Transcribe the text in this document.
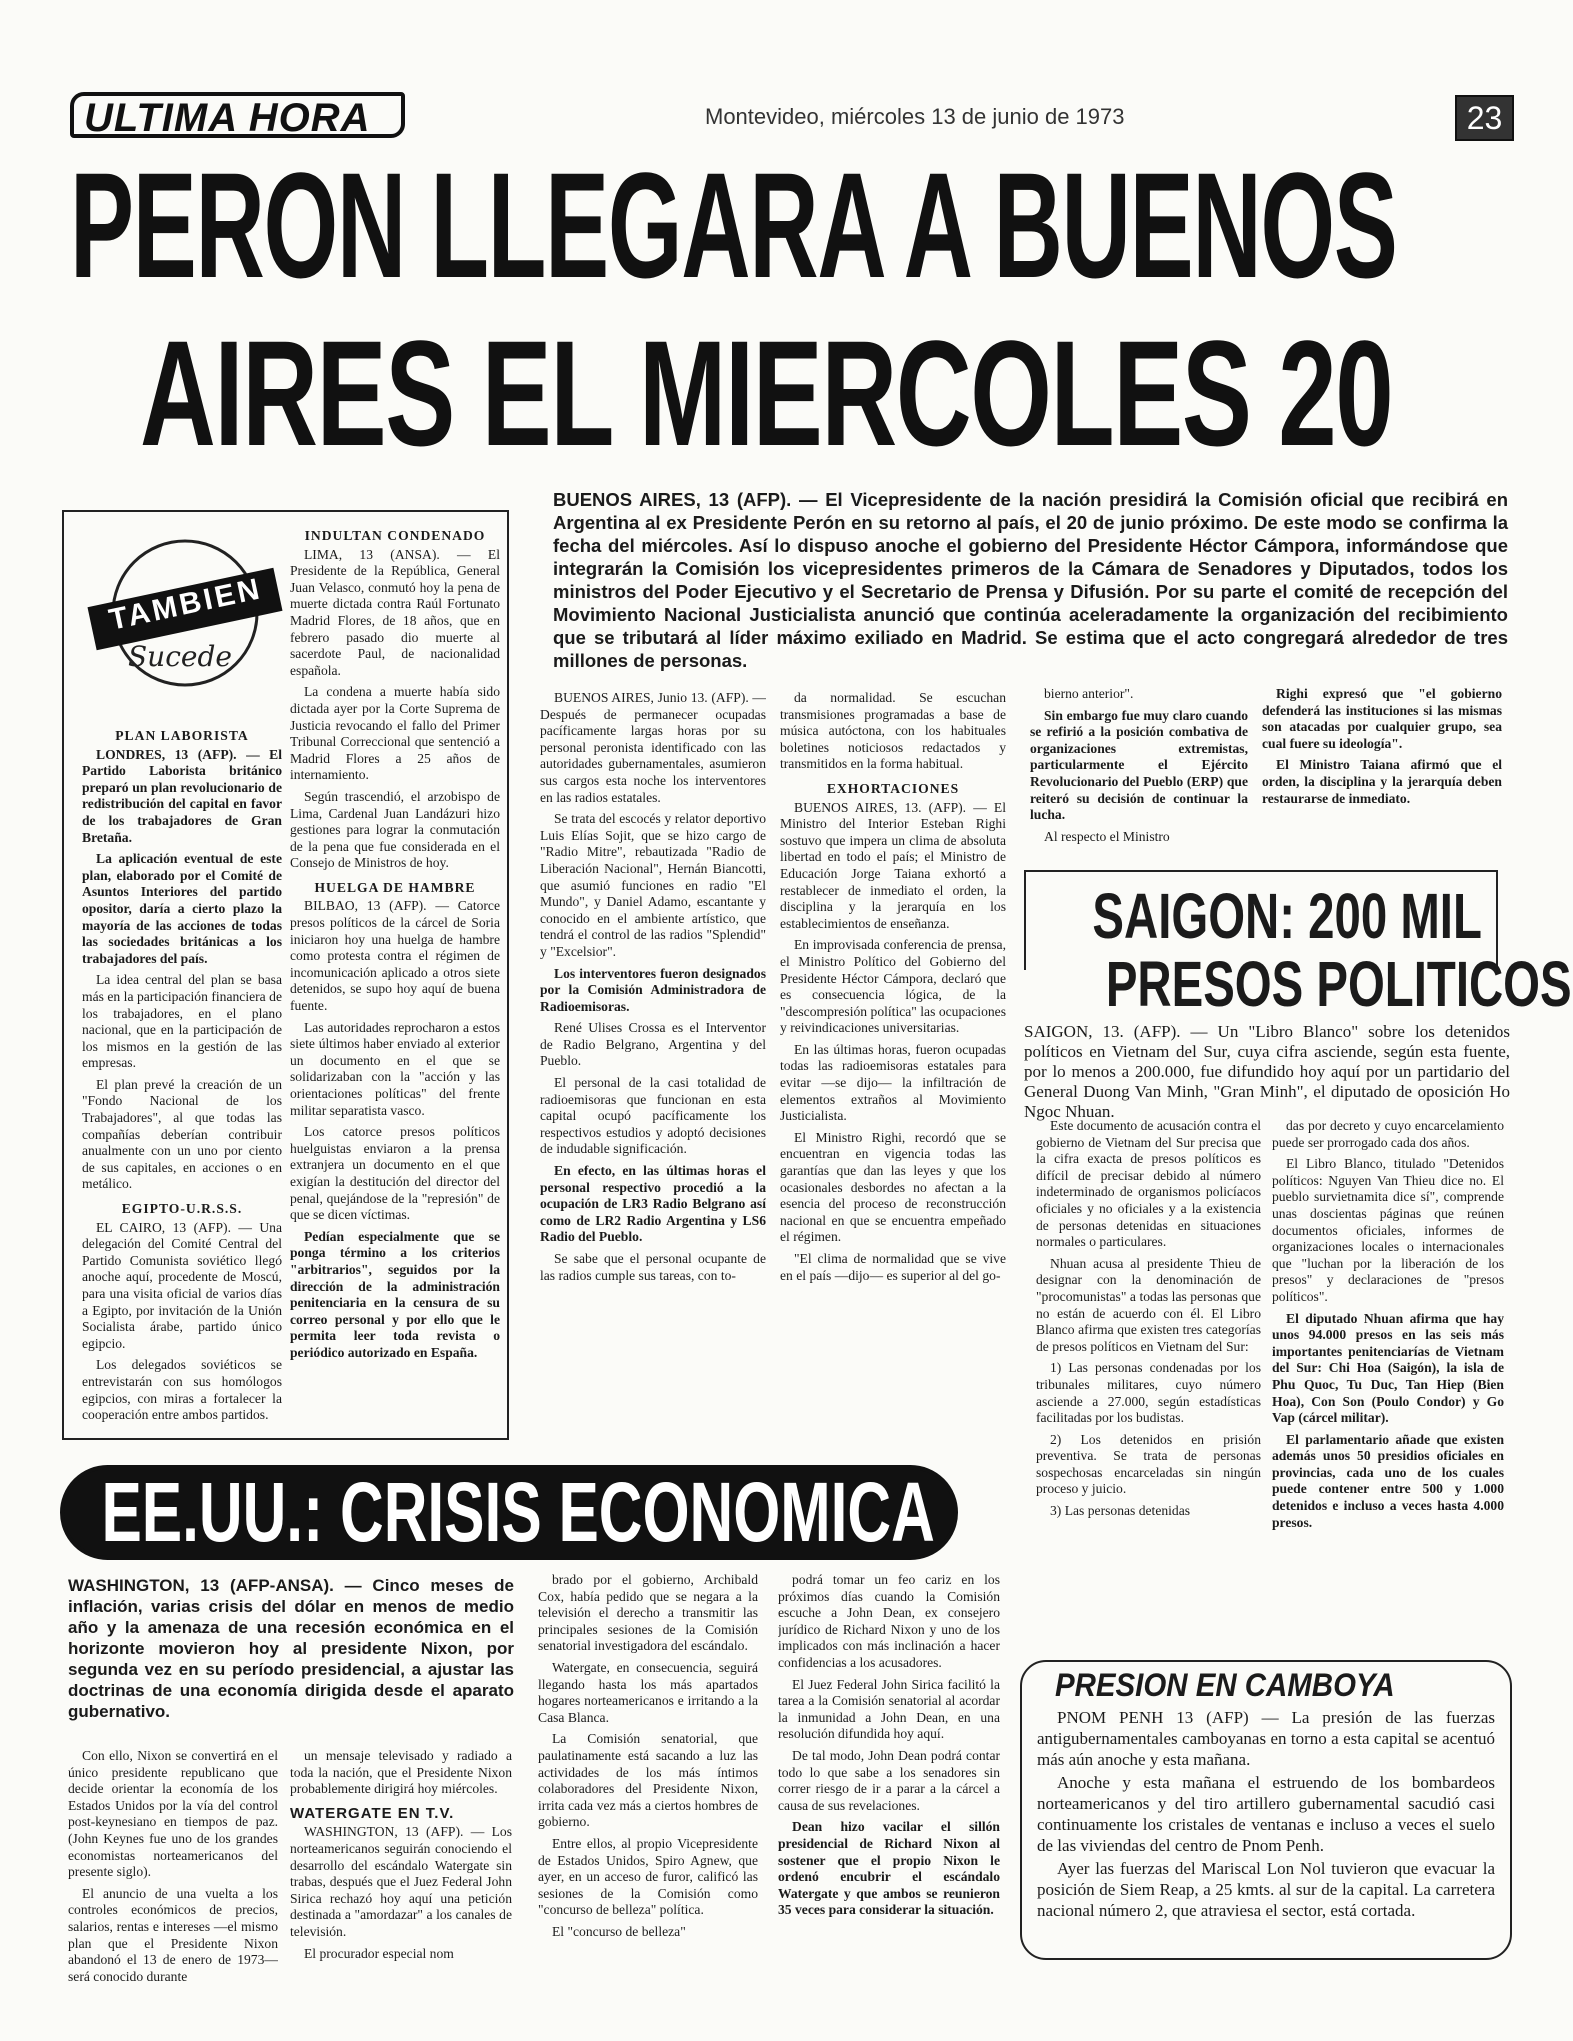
ULTIMA HORA	Montevideo, miércoles 13 de junio de 1973	23
PERON LLEGARA A BUENOS
AIRES EL MIERCOLES 20
BUENOS AIRES, 13 (AFP). — El Vicepresidente de la nación presidirá la Comisión oficial que recibirá en Argentina al ex Presidente Perón en su retorno al país, el 20 de junio próximo. De este modo se confirma la fecha del miércoles. Así lo dispuso anoche el gobierno del Presidente Héctor Cámpora, informándose que integrarán la Comisión los vicepresidentes primeros de la Cámara de Senadores y Diputados, todos los ministros del Poder Ejecutivo y el Secretario de Prensa y Difusión. Por su parte el comité de recepción del Movimiento Nacional Justicialista anunció que continúa aceleradamente la organización del recibimiento que se tributará al líder máximo exiliado en Madrid. Se estima que el acto congregará alrededor de tres millones de personas.
TAMBIEN
Sucede

PLAN LABORISTA

LONDRES, 13 (AFP). — El Partido Laborista británico preparó un plan revolucionario de redistribución del capital en favor de los trabajadores de Gran Bretaña.

La aplicación eventual de este plan, elaborado por el Comité de Asuntos Interiores del partido opositor, daría a cierto plazo la mayoría de las acciones de todas las sociedades británicas a los trabajadores del país.

La idea central del plan se basa más en la participación financiera de los trabajadores, en el plano nacional, que en la participación de los mismos en la gestión de las empresas.

El plan prevé la creación de un "Fondo Nacional de los Trabajadores", al que todas las compañías deberían contribuir anualmente con un uno por ciento de sus capitales, en acciones o en metálico.

EGIPTO-U.R.S.S.

EL CAIRO, 13 (AFP). — Una delegación del Comité Central del Partido Comunista soviético llegó anoche aquí, procedente de Moscú, para una visita oficial de varios días a Egipto, por invitación de la Unión Socialista árabe, partido único egipcio.

Los delegados soviéticos se entrevistarán con sus homólogos egipcios, con miras a fortalecer la cooperación entre ambos partidos.

INDULTAN CONDENADO

LIMA, 13 (ANSA). — El Presidente de la República, General Juan Velasco, conmutó hoy la pena de muerte dictada contra Raúl Fortunato Madrid Flores, de 18 años, que en febrero pasado dio muerte al sacerdote Paul, de nacionalidad española.

La condena a muerte había sido dictada ayer por la Corte Suprema de Justicia revocando el fallo del Primer Tribunal Correccional que sentenció a Madrid Flores a 25 años de internamiento.

Según trascendió, el arzobispo de Lima, Cardenal Juan Landázuri hizo gestiones para lograr la conmutación de la pena que fue considerada en el Consejo de Ministros de hoy.

HUELGA DE HAMBRE

BILBAO, 13 (AFP). — Catorce presos políticos de la cárcel de Soria iniciaron hoy una huelga de hambre como protesta contra el régimen de incomunicación aplicado a otros siete detenidos, se supo hoy aquí de buena fuente.

Las autoridades reprocharon a estos siete últimos haber enviado al exterior un documento en el que se solidarizaban con la "acción y las orientaciones políticas" del frente militar separatista vasco.

Los catorce presos políticos huelguistas enviaron a la prensa extranjera un documento en el que exigían la destitución del director del penal, quejándose de la "represión" de que se dicen víctimas.

Pedían especialmente que se ponga término a los criterios "arbitrarios", seguidos por la dirección de la administración penitenciaria en la censura de su correo personal y por ello que le permita leer toda revista o periódico autorizado en España.

BUENOS AIRES, Junio 13. (AFP). — Después de permanecer ocupadas pacíficamente largas horas por su personal peronista identificado con las autoridades gubernamentales, asumieron sus cargos esta noche los interventores en las radios estatales.

Se trata del escocés y relator deportivo Luis Elías Sojit, que se hizo cargo de "Radio Mitre", rebautizada "Radio de Liberación Nacional", Hernán Biancotti, que asumió funciones en radio "El Mundo", y Daniel Adamo, escantante y conocido en el ambiente artístico, que tendrá el control de las radios "Splendid" y "Excelsior".

Los interventores fueron designados por la Comisión Administradora de Radioemisoras.

René Ulises Crossa es el Interventor de Radio Belgrano, Argentina y del Pueblo.

El personal de la casi totalidad de radioemisoras que funcionan en esta capital ocupó pacíficamente los respectivos estudios y adoptó decisiones de indudable significación.

En efecto, en las últimas horas el personal respectivo procedió a la ocupación de LR3 Radio Belgrano así como de LR2 Radio Argentina y LS6 Radio del Pueblo.

Se sabe que el personal ocupante de las radios cumple sus tareas, con to-

da normalidad. Se escuchan transmisiones programadas a base de música autóctona, con los habituales boletines noticiosos redactados y transmitidos en la forma habitual.

EXHORTACIONES

BUENOS AIRES, 13. (AFP). — El Ministro del Interior Esteban Righi sostuvo que impera un clima de absoluta libertad en todo el país; el Ministro de Educación Jorge Taiana exhortó a restablecer de inmediato el orden, la disciplina y la jerarquía en los establecimientos de enseñanza.

En improvisada conferencia de prensa, el Ministro Político del Gobierno del Presidente Héctor Cámpora, declaró que es consecuencia lógica, de la "descompresión política" las ocupaciones y reivindicaciones universitarias.

En las últimas horas, fueron ocupadas todas las radioemisoras estatales para evitar —se dijo— la infiltración de elementos extraños al Movimiento Justicialista.

El Ministro Righi, recordó que se encuentran en vigencia todas las garantías que dan las leyes y que los ocasionales desbordes no afectan a la esencia del proceso de reconstrucción nacional en que se encuentra empeñado el régimen.

"El clima de normalidad que se vive en el país —dijo— es superior al del go-

bierno anterior".

Sin embargo fue muy claro cuando se refirió a la posición combativa de organizaciones extremistas, particularmente el Ejército Revolucionario del Pueblo (ERP) que reiteró su decisión de continuar la lucha.

Al respecto el Ministro

Righi expresó que "el gobierno defenderá las instituciones si las mismas son atacadas por cualquier grupo, sea cual fuere su ideología".

El Ministro Taiana afirmó que el orden, la disciplina y la jerarquía deben restaurarse de inmediato.

SAIGON: 200 MIL
PRESOS POLITICOS
SAIGON, 13. (AFP). — Un "Libro Blanco" sobre los detenidos políticos en Vietnam del Sur, cuya cifra asciende, según esta fuente, por lo menos a 200.000, fue difundido hoy aquí por un partidario del General Duong Van Minh, "Gran Minh", el diputado de oposición Ho Ngoc Nhuan.

Este documento de acusación contra el gobierno de Vietnam del Sur precisa que la cifra exacta de presos políticos es difícil de precisar debido al número indeterminado de organismos policíacos oficiales y no oficiales y a la existencia de personas detenidas en situaciones normales o particulares.

Nhuan acusa al presidente Thieu de designar con la denominación de "procomunistas" a todas las personas que no están de acuerdo con él. El Libro Blanco afirma que existen tres categorías de presos políticos en Vietnam del Sur:

1) Las personas condenadas por los tribunales militares, cuyo número asciende a 27.000, según estadísticas facilitadas por los budistas.

2) Los detenidos en prisión preventiva. Se trata de personas sospechosas encarceladas sin ningún proceso y juicio.

3) Las personas detenidas

das por decreto y cuyo encarcelamiento puede ser prorrogado cada dos años.

El Libro Blanco, titulado "Detenidos políticos: Nguyen Van Thieu dice no. El pueblo survietnamita dice sí", comprende unas doscientas páginas que reúnen documentos oficiales, informes de organizaciones locales o internacionales que "luchan por la liberación de los presos" y declaraciones de "presos políticos".

El diputado Nhuan afirma que hay unos 94.000 presos en las seis más importantes penitenciarías de Vietnam del Sur: Chi Hoa (Saigón), la isla de Phu Quoc, Tu Duc, Tan Hiep (Bien Hoa), Con Son (Poulo Condor) y Go Vap (cárcel militar).

El parlamentario añade que existen además unos 50 presidios oficiales en provincias, cada uno de los cuales puede contener entre 500 y 1.000 detenidos e incluso a veces hasta 4.000 presos.

EE.UU.: CRISIS ECONOMICA
WASHINGTON, 13 (AFP-ANSA). — Cinco meses de inflación, varias crisis del dólar en menos de medio año y la amenaza de una recesión económica en el horizonte movieron hoy al presidente Nixon, por segunda vez en su período presidencial, a ajustar las doctrinas de una economía dirigida desde el aparato gubernativo.

Con ello, Nixon se convertirá en el único presidente republicano que decide orientar la economía de los Estados Unidos por la vía del control post-keynesiano en tiempos de paz. (John Keynes fue uno de los grandes economistas norteamericanos del presente siglo).

El anuncio de una vuelta a los controles económicos de precios, salarios, rentas e intereses —el mismo plan que el Presidente Nixon abandonó el 13 de enero de 1973— será conocido durante

un mensaje televisado y radiado a toda la nación, que el Presidente Nixon probablemente dirigirá hoy miércoles.

WATERGATE EN T.V.

WASHINGTON, 13 (AFP). — Los norteamericanos seguirán conociendo el desarrollo del escándalo Watergate sin trabas, después que el Juez Federal John Sirica rechazó hoy aquí una petición destinada a "amordazar" a los canales de televisión.

El procurador especial nom

brado por el gobierno, Archibald Cox, había pedido que se negara a la televisión el derecho a transmitir las principales sesiones de la Comisión senatorial investigadora del escándalo.

Watergate, en consecuencia, seguirá llegando hasta los más apartados hogares norteamericanos e irritando a la Casa Blanca.

La Comisión senatorial, que paulatinamente está sacando a luz las actividades de los más íntimos colaboradores del Presidente Nixon, irrita cada vez más a ciertos hombres de gobierno.

Entre ellos, al propio Vicepresidente de Estados Unidos, Spiro Agnew, que ayer, en un acceso de furor, calificó las sesiones de la Comisión como "concurso de belleza" política.

El "concurso de belleza"

podrá tomar un feo cariz en los próximos días cuando la Comisión escuche a John Dean, ex consejero jurídico de Richard Nixon y uno de los implicados con más inclinación a hacer confidencias a los acusadores.

El Juez Federal John Sirica facilitó la tarea a la Comisión senatorial al acordar la inmunidad a John Dean, en una resolución difundida hoy aquí.

De tal modo, John Dean podrá contar todo lo que sabe a los senadores sin correr riesgo de ir a parar a la cárcel a causa de sus revelaciones.

Dean hizo vacilar el sillón presidencial de Richard Nixon al sostener que el propio Nixon le ordenó encubrir el escándalo Watergate y que ambos se reunieron 35 veces para considerar la situación.

PRESION EN CAMBOYA

PNOM PENH 13 (AFP) — La presión de las fuerzas antigubernamentales camboyanas en torno a esta capital se acentuó más aún anoche y esta mañana.

Anoche y esta mañana el estruendo de los bombardeos norteamericanos y del tiro artillero gubernamental sacudió casi continuamente los cristales de ventanas e incluso a veces el suelo de las viviendas del centro de Pnom Penh.

Ayer las fuerzas del Mariscal Lon Nol tuvieron que evacuar la posición de Siem Reap, a 25 kmts. al sur de la capital. La carretera nacional número 2, que atraviesa el sector, está cortada.
